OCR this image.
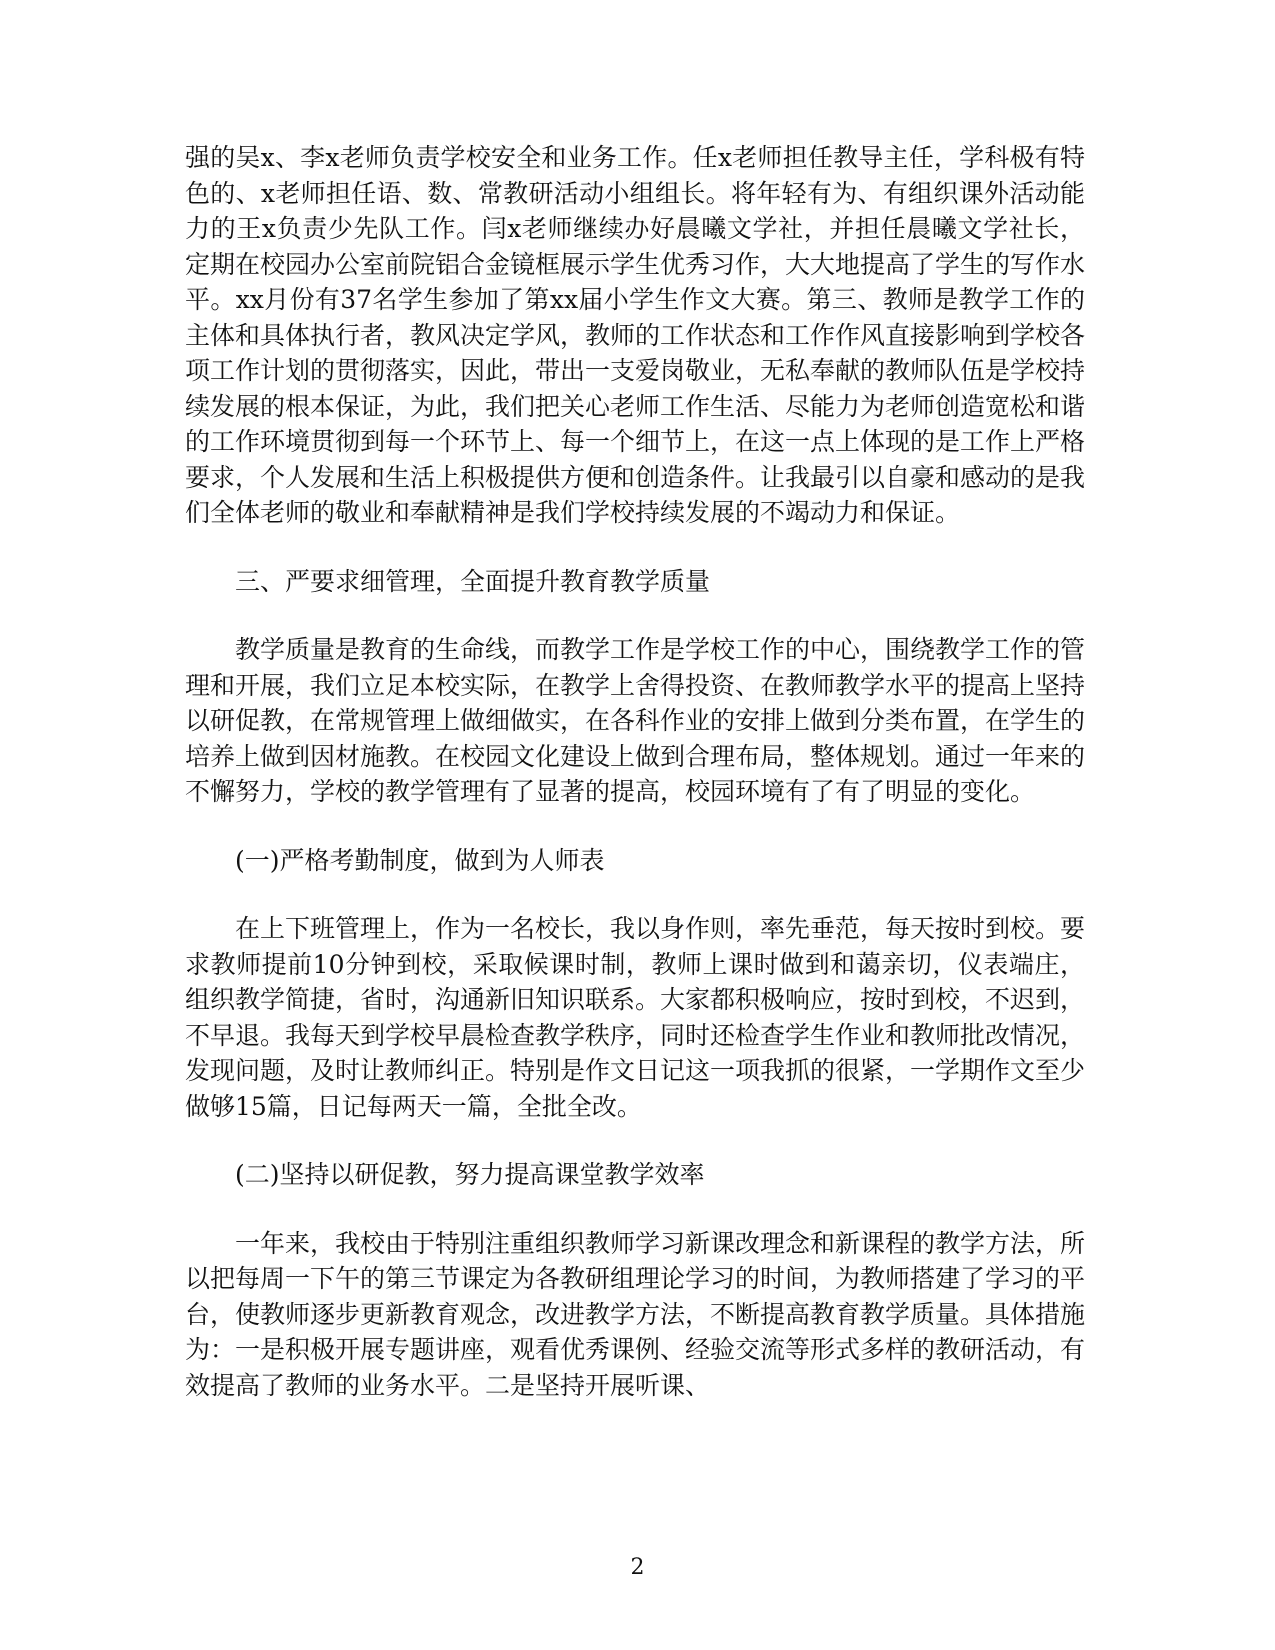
强的吴x、李x老师负责学校安全和业务工作。任x老师担任教导主任，学科极有特色的、x老师担任语、数、常教研活动小组组长。将年轻有为、有组织课外活动能力的王x负责少先队工作。闫x老师继续办好晨曦文学社，并担任晨曦文学社长，定期在校园办公室前院铝合金镜框展示学生优秀习作，大大地提高了学生的写作水平。xx月份有37名学生参加了第xx届小学生作文大赛。第三、教师是教学工作的主体和具体执行者，教风决定学风，教师的工作状态和工作作风直接影响到学校各项工作计划的贯彻落实，因此，带出一支爱岗敬业，无私奉献的教师队伍是学校持续发展的根本保证，为此，我们把关心老师工作生活、尽能力为老师创造宽松和谐的工作环境贯彻到每一个环节上、每一个细节上，在这一点上体现的是工作上严格要求，个人发展和生活上积极提供方便和创造条件。让我最引以自豪和感动的是我们全体老师的敬业和奉献精神是我们学校持续发展的不竭动力和保证。

三、严要求细管理，全面提升教育教学质量

教学质量是教育的生命线，而教学工作是学校工作的中心，围绕教学工作的管理和开展，我们立足本校实际，在教学上舍得投资、在教师教学水平的提高上坚持以研促教，在常规管理上做细做实，在各科作业的安排上做到分类布置，在学生的培养上做到因材施教。在校园文化建设上做到合理布局，整体规划。通过一年来的不懈努力，学校的教学管理有了显著的提高，校园环境有了有了明显的变化。

(一)严格考勤制度，做到为人师表

在上下班管理上，作为一名校长，我以身作则，率先垂范，每天按时到校。要求教师提前10分钟到校，采取候课时制，教师上课时做到和蔼亲切，仪表端庄，组织教学简捷，省时，沟通新旧知识联系。大家都积极响应，按时到校，不迟到，不早退。我每天到学校早晨检查教学秩序，同时还检查学生作业和教师批改情况，发现问题，及时让教师纠正。特别是作文日记这一项我抓的很紧，一学期作文至少做够15篇，日记每两天一篇，全批全改。

(二)坚持以研促教，努力提高课堂教学效率

一年来，我校由于特别注重组织教师学习新课改理念和新课程的教学方法，所以把每周一下午的第三节课定为各教研组理论学习的时间，为教师搭建了学习的平台，使教师逐步更新教育观念，改进教学方法，不断提高教育教学质量。具体措施为：一是积极开展专题讲座，观看优秀课例、经验交流等形式多样的教研活动，有效提高了教师的业务水平。二是坚持开展听课、

2
